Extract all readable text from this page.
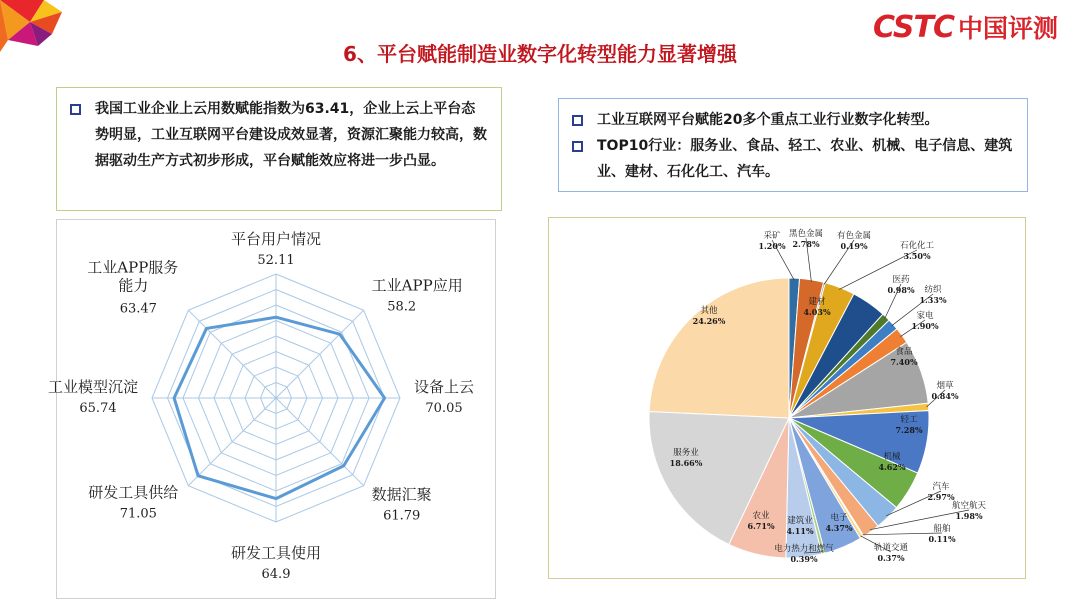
CSTC 中国评测
6、平台赋能制造业数字化转型能力显著增强
我国工业企业上云用数赋能指数为63.41，企业上云上平台态势明显，工业互联网平台建设成效显著，资源汇聚能力较高，数据驱动生产方式初步形成，平台赋能效应将进一步凸显。
工业互联网平台赋能20多个重点工业行业数字化转型。
TOP10行业：服务业、食品、轻工、农业、机械、电子信息、建筑业、建材、石化化工、汽车。
平台用户情况
52.11
工业APP应用
58.2
设备上云
70.05
数据汇聚
61.79
研发工具使用
64.9
研发工具供给
71.05
工业模型沉淀
65.74
工业APP服务能力
63.47
采矿
1.20%
黑色金属
2.78%
有色金属
0.19%	石化化工
3.50%
建材
4.03%
医药
0.98% 纺织
1.33%
家电
1.90%
食品
7.40%
烟草
0.84%
轻工
7.28%
机械
4.62%
汽车
2.97%
航空航天
1.98%
船舶
0.11%
轨道交通
0.37%
电子
4.37%
电力热力和燃气
0.39%
建筑业
4.11%
农业
6.71%
服务业
18.66%
其他
24.26%
